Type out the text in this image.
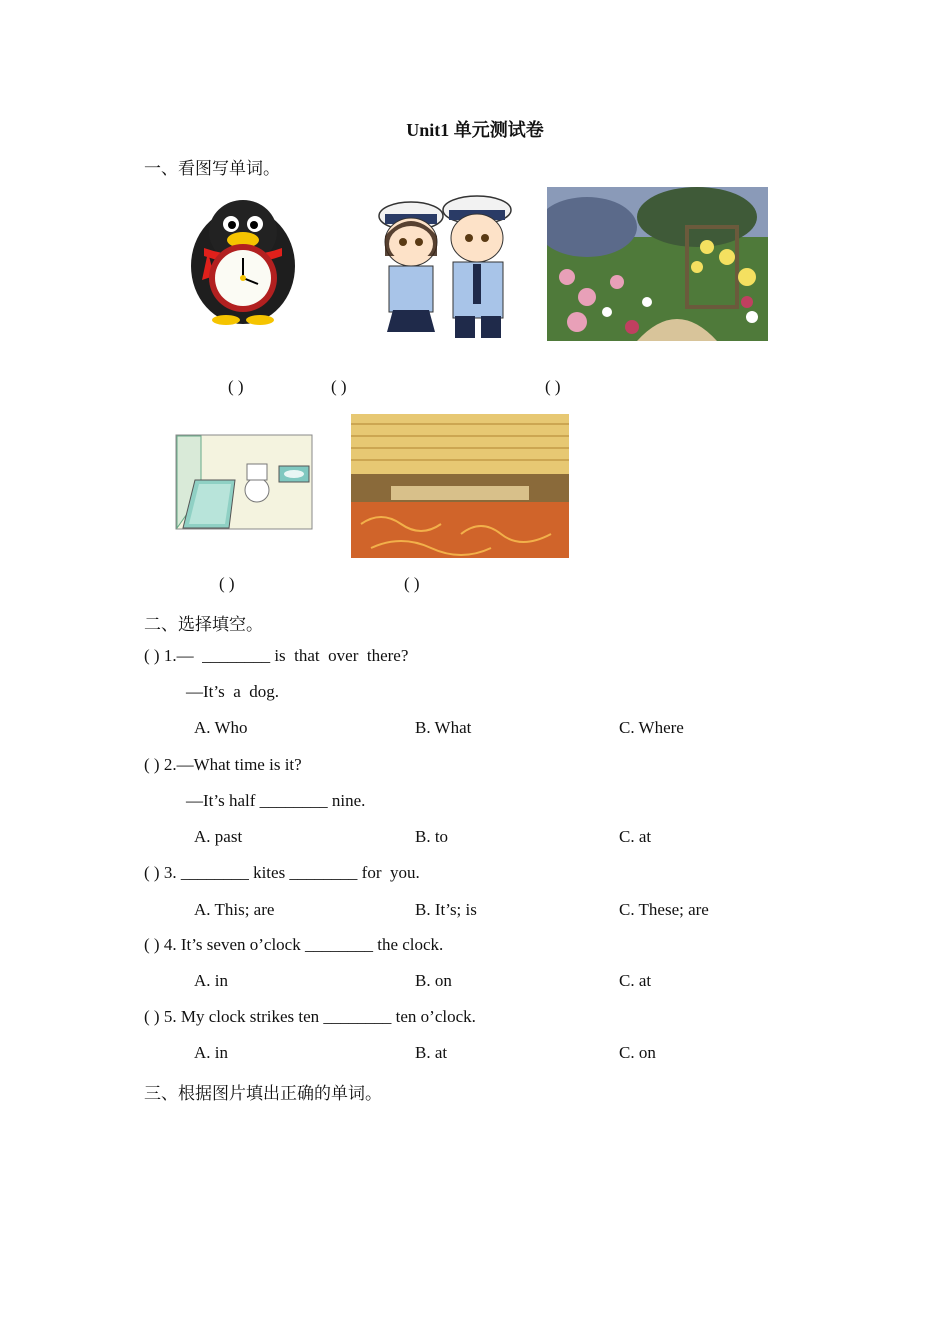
Unit1 单元测试卷
一、看图写单词。
( )	( )	( )
( )	( )
二、选择填空。
( ) 1.—  ________ is  that  over  there?
—It’s  a  dog.
A. Who	B. What	C. Where
( ) 2.—What time is it?
—It’s half ________ nine.
A. past	B. to	C. at
( ) 3. ________ kites ________ for  you.
A. This; are	B. It’s; is	C. These; are
( ) 4. It’s seven o’clock ________ the clock.
A. in	B. on	C. at
( ) 5. My clock strikes ten ________ ten o’clock.
A. in	B. at	C. on
三、根据图片填出正确的单词。
